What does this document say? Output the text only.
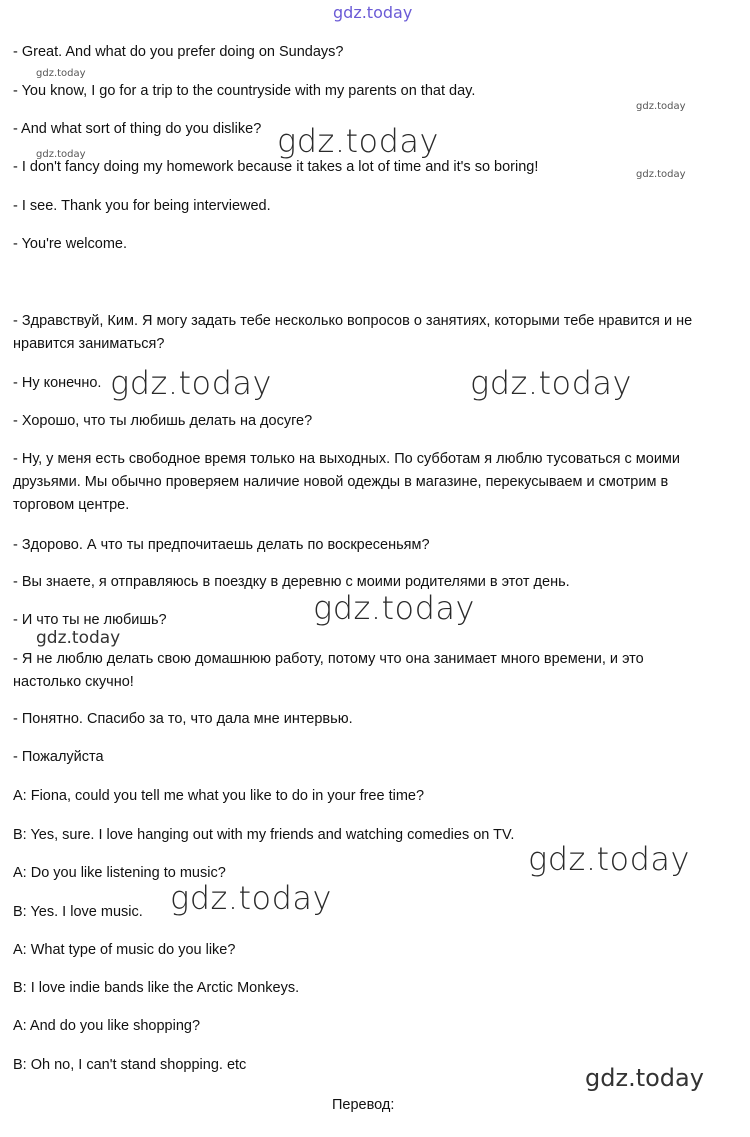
gdz.today

- Great. And what do you prefer doing on Sundays?

- You know, I go for a trip to the countryside with my parents on that day.

- And what sort of thing do you dislike?

- I don't fancy doing my homework because it takes a lot of time and it's so boring!

- I see. Thank you for being interviewed.

- You're welcome.

- Здравствуй, Ким. Я могу задать тебе несколько вопросов о занятиях, которыми тебе нравится и не нравится заниматься?

- Ну конечно.

- Хорошо, что ты любишь делать на досуге?

- Ну, у меня есть свободное время только на выходных. По субботам я люблю тусоваться с моими друзьями. Мы обычно проверяем наличие новой одежды в магазине, перекусываем и смотрим в торговом центре.

- Здорово. А что ты предпочитаешь делать по воскресеньям?

- Вы знаете, я отправляюсь в поездку в деревню с моими родителями в этот день.

- И что ты не любишь?

- Я не люблю делать свою домашнюю работу, потому что она занимает много времени, и это настолько скучно!

- Понятно. Спасибо за то, что дала мне интервью.

- Пожалуйста

A: Fiona, could you tell me what you like to do in your free time?

B: Yes, sure. I love hanging out with my friends and watching comedies on TV.

A: Do you like listening to music?

B: Yes. I love music.

A: What type of music do you like?

B: I love indie bands like the Arctic Monkeys.

A: And do you like shopping?

B: Oh no, I can't stand shopping. etc

Перевод:

gdz.today
gdz.today
gdz.today
gdz.today
gdz.today
gdz.today	gdz.today
gdz.today
gdz.today
gdz.today
gdz.today
gdz.today
